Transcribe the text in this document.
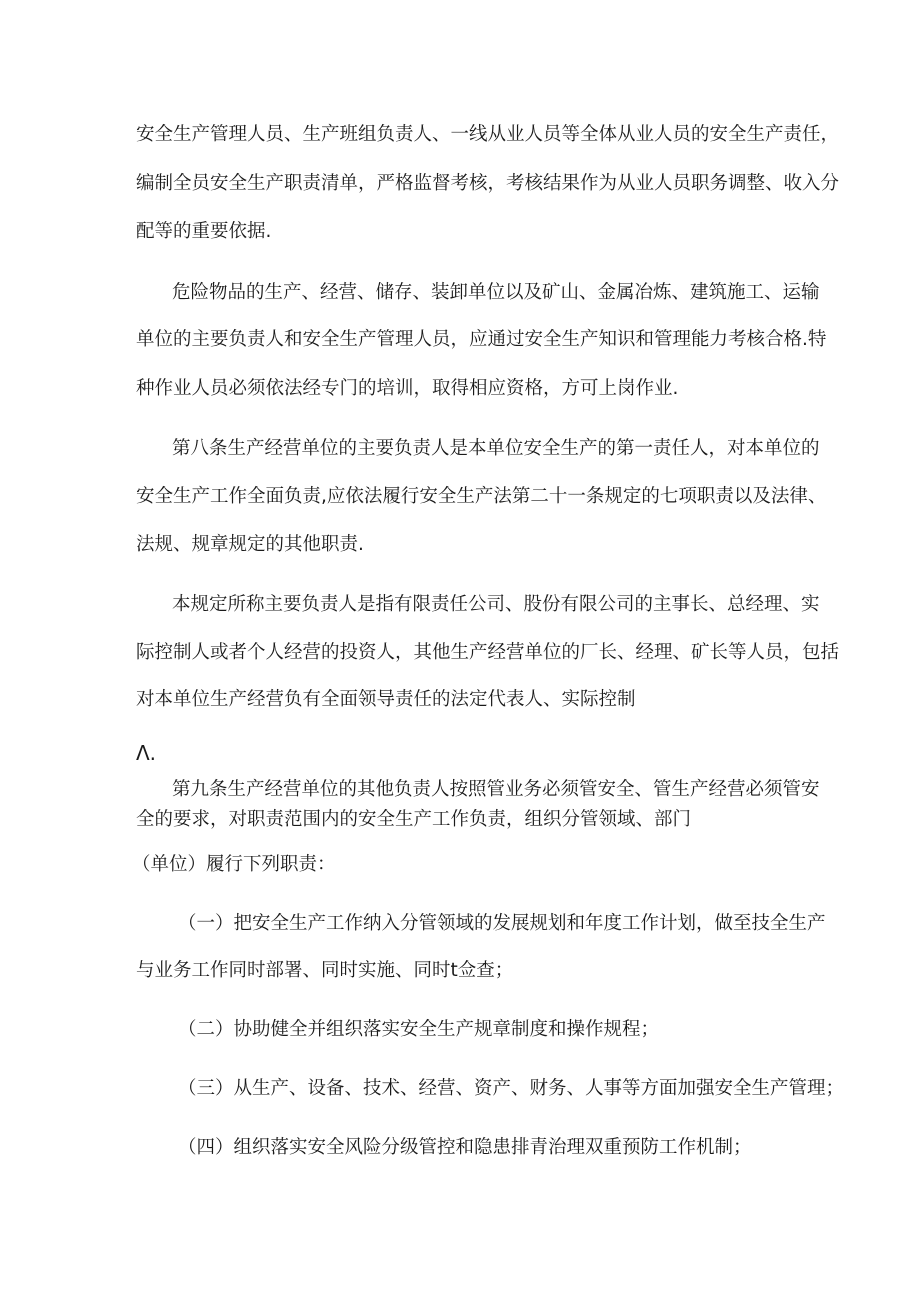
安全生产管理人员、生产班组负责人、一线从业人员等全体从业人员的安全生产责任，
编制全员安全生产职责清单，严格监督考核，考核结果作为从业人员职务调整、收入分
配等的重要依据.
危险物品的生产、经营、储存、装卸单位以及矿山、金属冶炼、建筑施工、运输
单位的主要负责人和安全生产管理人员，应通过安全生产知识和管理能力考核合格.特
种作业人员必须依法经专门的培训，取得相应资格，方可上岗作业.
第八条生产经营单位的主要负责人是本单位安全生产的第一责任人，对本单位的
安全生产工作全面负责,应依法履行安全生产法第二十一条规定的七项职责以及法律、
法规、规章规定的其他职责.
本规定所称主要负责人是指有限责任公司、股份有限公司的主事长、总经理、实
际控制人或者个人经营的投资人，其他生产经营单位的厂长、经理、矿长等人员，包括
对本单位生产经营负有全面领导责任的法定代表人、实际控制
Λ.
第九条生产经营单位的其他负责人按照管业务必须管安全、管生产经营必须管安
全的要求，对职责范围内的安全生产工作负责，组织分管领域、部门
（单位）履行下列职责：
（一）把安全生产工作纳入分管领域的发展规划和年度工作计划，做至技全生产
与业务工作同时部署、同时实施、同时t佥查；
（二）协助健全并组织落实安全生产规章制度和操作规程；
（三）从生产、设备、技术、经营、资产、财务、人事等方面加强安全生产管理；
（四）组织落实安全风险分级管控和隐患排青治理双重预防工作机制；
